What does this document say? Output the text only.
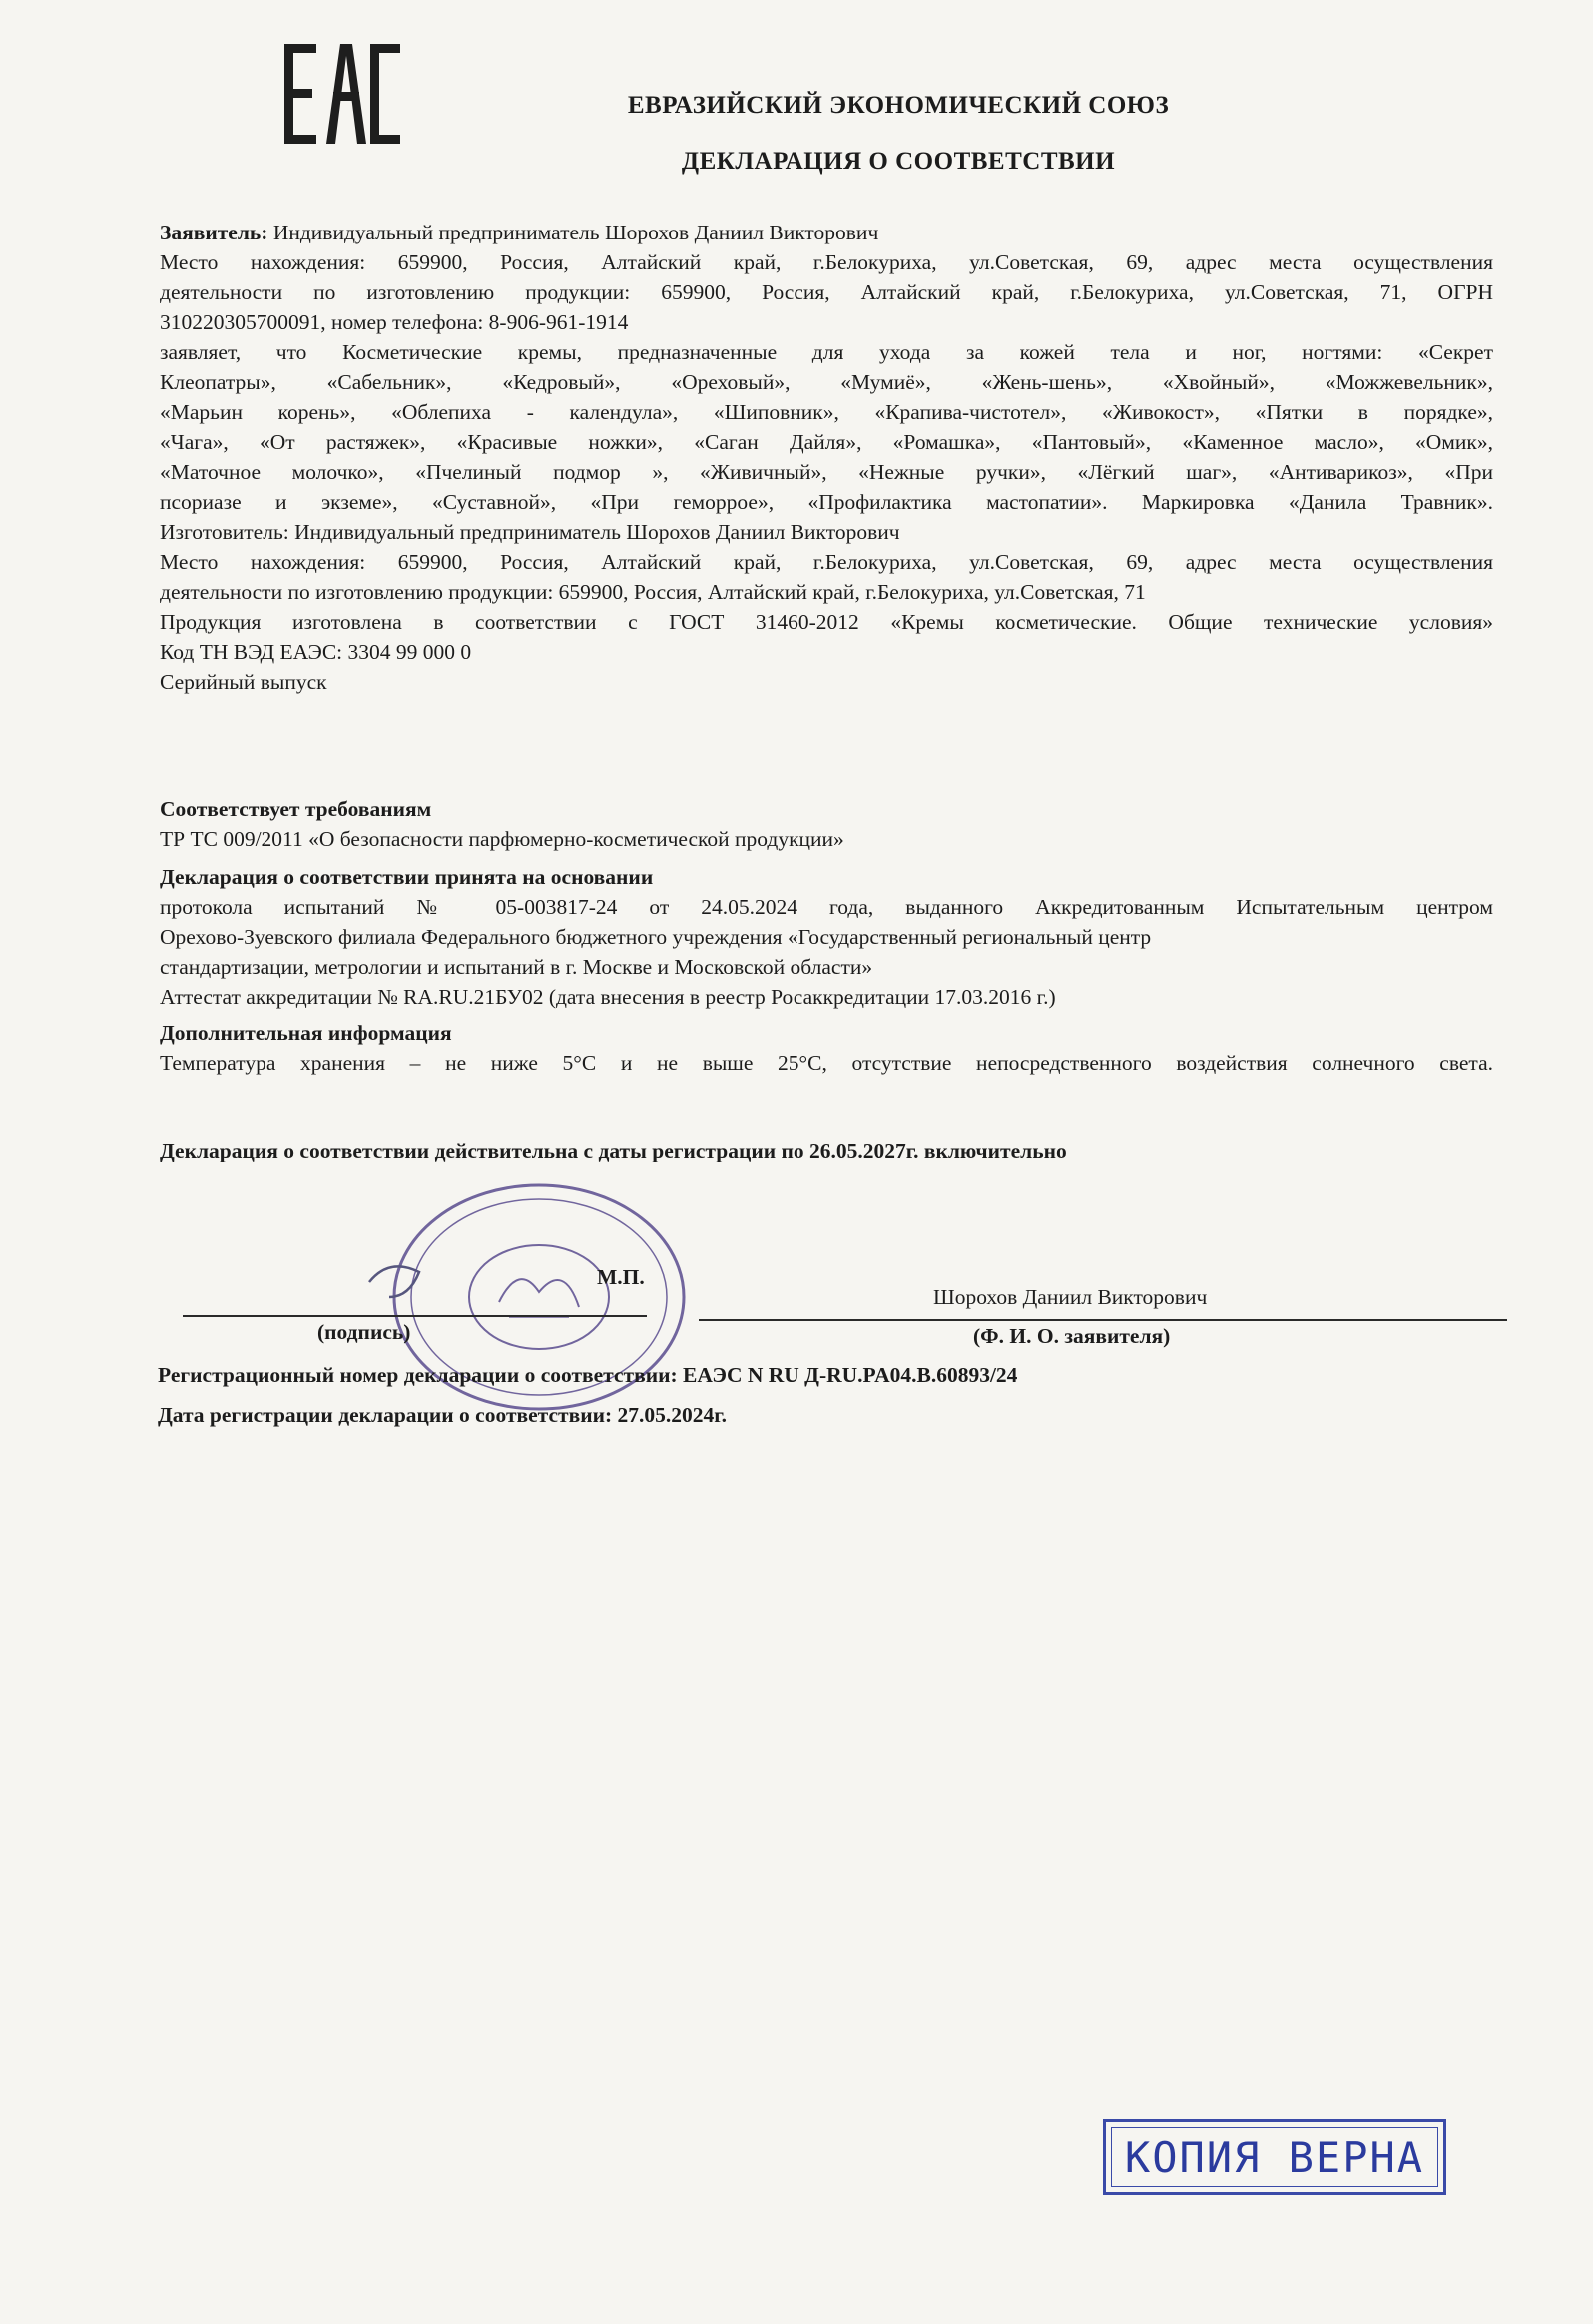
ЕВРАЗИЙСКИЙ ЭКОНОМИЧЕСКИЙ СОЮЗ
ДЕКЛАРАЦИЯ О СООТВЕТСТВИИ
Заявитель: Индивидуальный предприниматель Шорохов Даниил Викторович
Место нахождения: 659900, Россия, Алтайский край, г.Белокуриха, ул.Советская, 69, адрес места осуществления
деятельности по изготовлению продукции: 659900, Россия, Алтайский край, г.Белокуриха, ул.Советская, 71, ОГРН
310220305700091, номер телефона: 8-906-961-1914
заявляет, что Косметические кремы, предназначенные для ухода за кожей тела и ног, ногтями: «Секрет
Клеопатры», «Сабельник», «Кедровый», «Ореховый», «Мумиё», «Жень-шень», «Хвойный», «Можжевельник»,
«Марьин корень», «Облепиха - календула», «Шиповник», «Крапива-чистотел», «Живокост», «Пятки в порядке»,
«Чага», «От растяжек», «Красивые ножки», «Саган Дайля», «Ромашка», «Пантовый», «Каменное масло», «Омик»,
«Маточное молочко», «Пчелиный подмор », «Живичный», «Нежные ручки», «Лёгкий шаг», «Антиварикоз», «При
псориазе и экземе», «Суставной», «При геморрое», «Профилактика мастопатии». Маркировка «Данила Травник».
Изготовитель: Индивидуальный предприниматель Шорохов Даниил Викторович
Место нахождения: 659900, Россия, Алтайский край, г.Белокуриха, ул.Советская, 69, адрес места осуществления
деятельности по изготовлению продукции: 659900, Россия, Алтайский край, г.Белокуриха, ул.Советская, 71
Продукция изготовлена в соответствии с ГОСТ 31460-2012 «Кремы косметические. Общие технические условия»
Код ТН ВЭД ЕАЭС: 3304 99 000 0
Серийный выпуск
Соответствует требованиям
ТР ТС 009/2011 «О безопасности парфюмерно-косметической продукции»
Декларация о соответствии принята на основании
протокола испытаний № 05-003817-24 от 24.05.2024 года, выданного Аккредитованным Испытательным центром
Орехово-Зуевского филиала Федерального бюджетного учреждения «Государственный региональный центр
стандартизации, метрологии и испытаний в г. Москве и Московской области»
Аттестат аккредитации № RA.RU.21БУ02 (дата внесения в реестр Росаккредитации 17.03.2016 г.)
Дополнительная информация
Температура хранения – не ниже 5°С и не выше 25°С, отсутствие непосредственного воздействия солнечного света.
Декларация о соответствии действительна с даты регистрации по 26.05.2027г. включительно
М.П.
(подпись)
Шорохов Даниил Викторович
(Ф. И. О. заявителя)
Регистрационный номер декларации о соответствии: ЕАЭС N RU Д-RU.PA04.B.60893/24
Дата регистрации декларации о соответствии: 27.05.2024г.
КОПИЯ ВЕРНА
